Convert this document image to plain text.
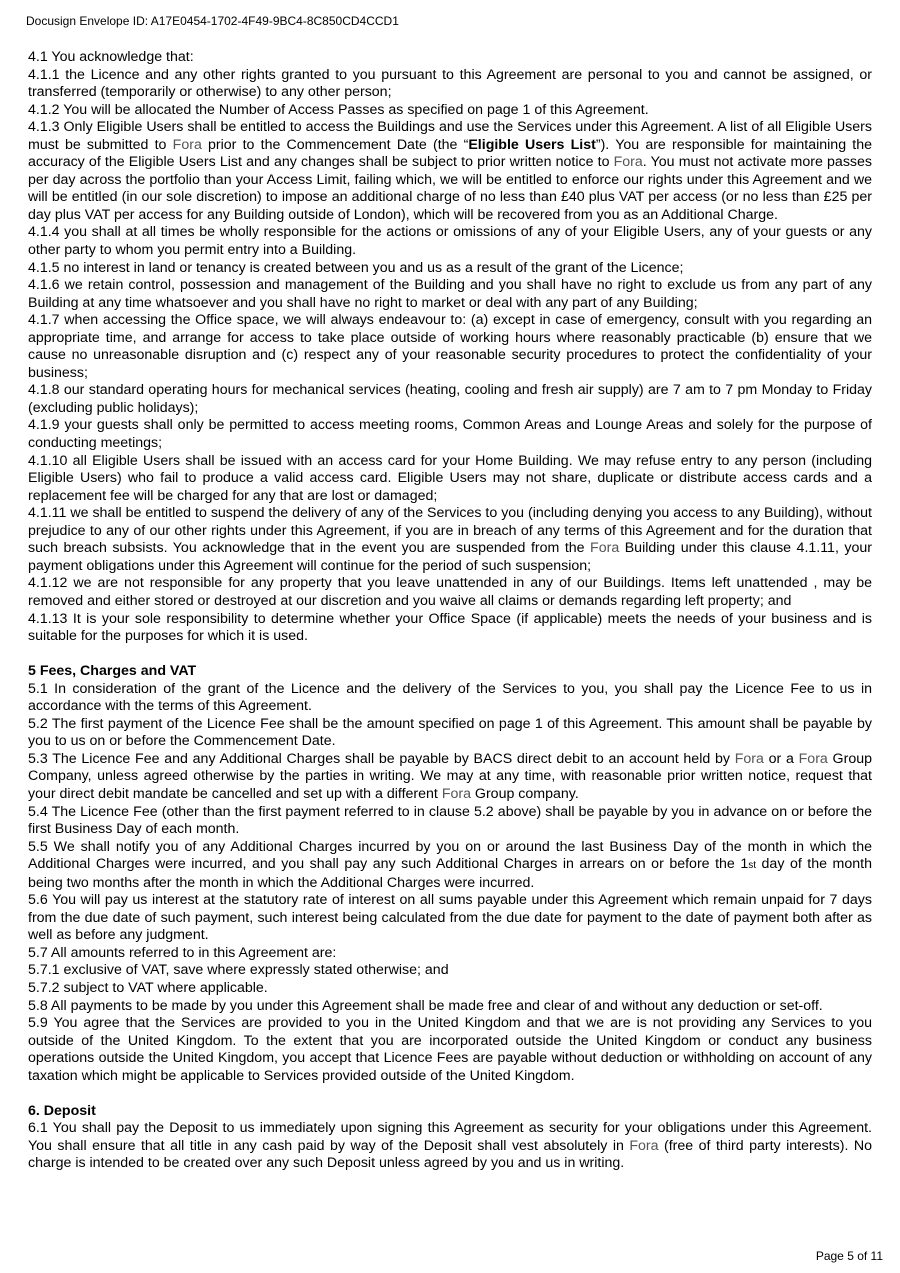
Docusign Envelope ID: A17E0454-1702-4F49-9BC4-8C850CD4CCD1

4.1 You acknowledge that:

4.1.1 the Licence and any other rights granted to you pursuant to this Agreement are personal to you and cannot be assigned, or transferred (temporarily or otherwise) to any other person;

4.1.2 You will be allocated the Number of Access Passes as specified on page 1 of this Agreement.

4.1.3 Only Eligible Users shall be entitled to access the Buildings and use the Services under this Agreement. A list of all Eligible Users must be submitted to Fora prior to the Commencement Date (the “Eligible Users List”). You are responsible for maintaining the accuracy of the Eligible Users List and any changes shall be subject to prior written notice to Fora. You must not activate more passes per day across the portfolio than your Access Limit, failing which, we will be entitled to enforce our rights under this Agreement and we will be entitled (in our sole discretion) to impose an additional charge of no less than £40 plus VAT per access (or no less than £25 per day plus VAT per access for any Building outside of London), which will be recovered from you as an Additional Charge.

4.1.4 you shall at all times be wholly responsible for the actions or omissions of any of your Eligible Users, any of your guests or any other party to whom you permit entry into a Building.

4.1.5 no interest in land or tenancy is created between you and us as a result of the grant of the Licence;

4.1.6 we retain control, possession and management of the Building and you shall have no right to exclude us from any part of any Building at any time whatsoever and you shall have no right to market or deal with any part of any Building;

4.1.7 when accessing the Office space, we will always endeavour to: (a) except in case of emergency, consult with you regarding an appropriate time, and arrange for access to take place outside of working hours where reasonably practicable (b) ensure that we cause no unreasonable disruption and (c) respect any of your reasonable security procedures to protect the confidentiality of your business;

4.1.8 our standard operating hours for mechanical services (heating, cooling and fresh air supply) are 7 am to 7 pm Monday to Friday (excluding public holidays);

4.1.9 your guests shall only be permitted to access meeting rooms, Common Areas and Lounge Areas and solely for the purpose of conducting meetings;

4.1.10 all Eligible Users shall be issued with an access card for your Home Building. We may refuse entry to any person (including Eligible Users) who fail to produce a valid access card. Eligible Users may not share, duplicate or distribute access cards and a replacement fee will be charged for any that are lost or damaged;

4.1.11 we shall be entitled to suspend the delivery of any of the Services to you (including denying you access to any Building), without prejudice to any of our other rights under this Agreement, if you are in breach of any terms of this Agreement and for the duration that such breach subsists. You acknowledge that in the event you are suspended from the Fora Building under this clause 4.1.11, your payment obligations under this Agreement will continue for the period of such suspension;

4.1.12 we are not responsible for any property that you leave unattended in any of our Buildings. Items left unattended , may be removed and either stored or destroyed at our discretion and you waive all claims or demands regarding left property; and

4.1.13 It is your sole responsibility to determine whether your Office Space (if applicable) meets the needs of your business and is suitable for the purposes for which it is used.

5 Fees, Charges and VAT

5.1 In consideration of the grant of the Licence and the delivery of the Services to you, you shall pay the Licence Fee to us in accordance with the terms of this Agreement.

5.2 The first payment of the Licence Fee shall be the amount specified on page 1 of this Agreement. This amount shall be payable by you to us on or before the Commencement Date.

5.3 The Licence Fee and any Additional Charges shall be payable by BACS direct debit to an account held by Fora or a Fora Group Company, unless agreed otherwise by the parties in writing. We may at any time, with reasonable prior written notice, request that your direct debit mandate be cancelled and set up with a different Fora Group company.

5.4 The Licence Fee (other than the first payment referred to in clause 5.2 above) shall be payable by you in advance on or before the first Business Day of each month.

5.5 We shall notify you of any Additional Charges incurred by you on or around the last Business Day of the month in which the Additional Charges were incurred, and you shall pay any such Additional Charges in arrears on or before the 1st day of the month being two months after the month in which the Additional Charges were incurred.

5.6 You will pay us interest at the statutory rate of interest on all sums payable under this Agreement which remain unpaid for 7 days from the due date of such payment, such interest being calculated from the due date for payment to the date of payment both after as well as before any judgment.

5.7 All amounts referred to in this Agreement are:

5.7.1 exclusive of VAT, save where expressly stated otherwise; and

5.7.2 subject to VAT where applicable.

5.8 All payments to be made by you under this Agreement shall be made free and clear of and without any deduction or set-off.

5.9 You agree that the Services are provided to you in the United Kingdom and that we are is not providing any Services to you outside of the United Kingdom. To the extent that you are incorporated outside the United Kingdom or conduct any business operations outside the United Kingdom, you accept that Licence Fees are payable without deduction or withholding on account of any taxation which might be applicable to Services provided outside of the United Kingdom.

6. Deposit

6.1 You shall pay the Deposit to us immediately upon signing this Agreement as security for your obligations under this Agreement. You shall ensure that all title in any cash paid by way of the Deposit shall vest absolutely in Fora (free of third party interests). No charge is intended to be created over any such Deposit unless agreed by you and us in writing.

Page 5 of 11
